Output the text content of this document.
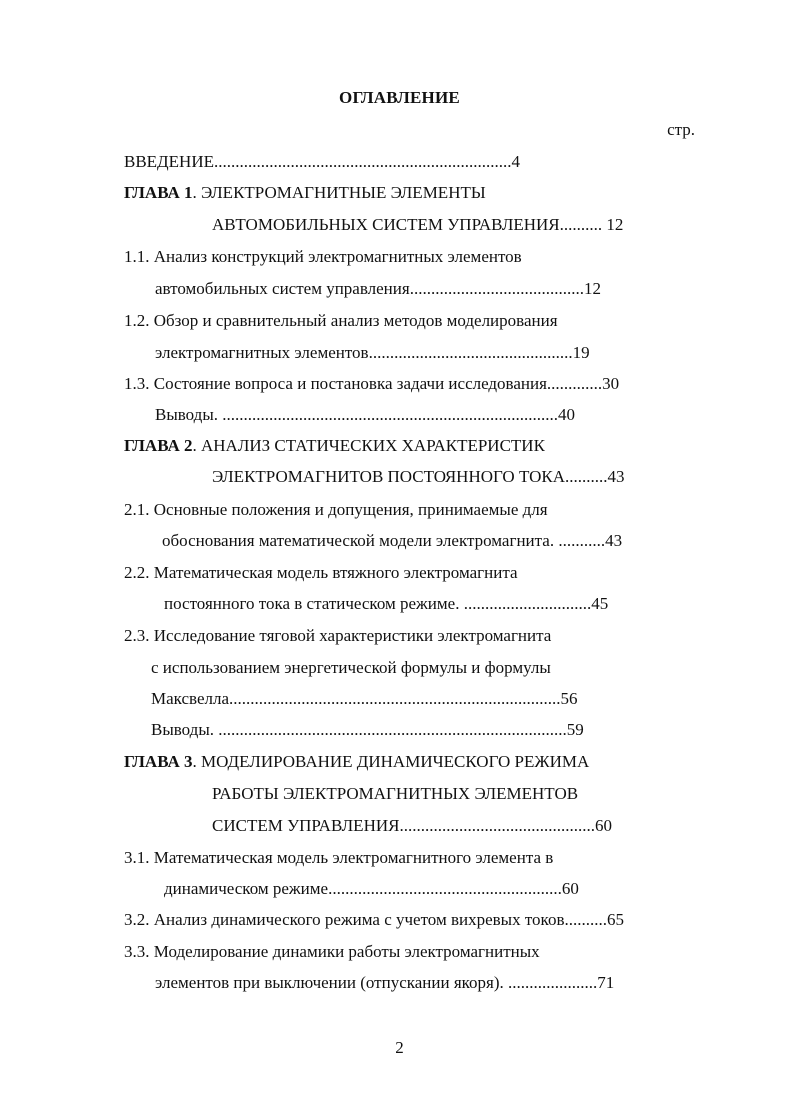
ОГЛАВЛЕНИЕ
стр.
ВВЕДЕНИЕ......................................................................4
ГЛАВА 1. ЭЛЕКТРОМАГНИТНЫЕ ЭЛЕМЕНТЫ
АВТОМОБИЛЬНЫХ СИСТЕМ УПРАВЛЕНИЯ.......... 12
1.1. Анализ конструкций электромагнитных элементов
автомобильных систем управления.........................................12
1.2. Обзор и сравнительный анализ методов моделирования
электромагнитных элементов................................................19
1.3. Состояние вопроса и постановка задачи исследования.............30
Выводы. ...............................................................................40
ГЛАВА 2. АНАЛИЗ СТАТИЧЕСКИХ ХАРАКТЕРИСТИК
ЭЛЕКТРОМАГНИТОВ ПОСТОЯННОГО ТОКА..........43
2.1. Основные положения и допущения, принимаемые для
обоснования математической модели электромагнита. ...........43
2.2. Математическая модель втяжного электромагнита
постоянного тока в статическом режиме. ..............................45
2.3. Исследование тяговой характеристики электромагнита
с использованием энергетической формулы и формулы
Максвелла..............................................................................56
Выводы. ..................................................................................59
ГЛАВА 3. МОДЕЛИРОВАНИЕ ДИНАМИЧЕСКОГО РЕЖИМА
РАБОТЫ ЭЛЕКТРОМАГНИТНЫХ ЭЛЕМЕНТОВ
СИСТЕМ УПРАВЛЕНИЯ..............................................60
3.1. Математическая модель электромагнитного элемента в
динамическом режиме.......................................................60
3.2. Анализ динамического режима с учетом вихревых токов..........65
3.3. Моделирование динамики работы электромагнитных
элементов при выключении (отпускании якоря). .....................71
2
